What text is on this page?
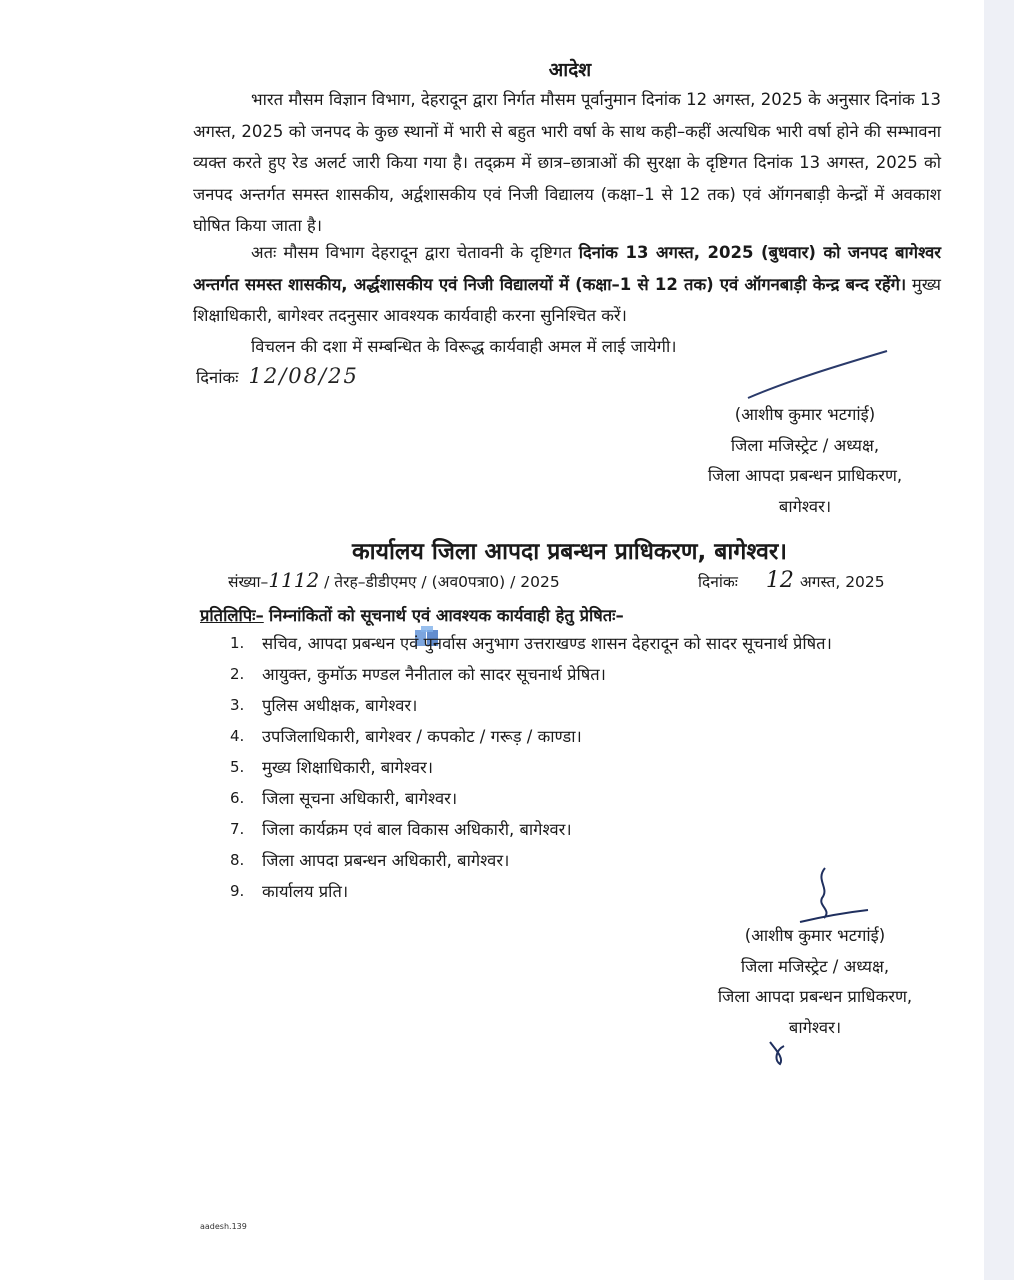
आदेश
भारत मौसम विज्ञान विभाग, देहरादून द्वारा निर्गत मौसम पूर्वानुमान दिनांक 12 अगस्त, 2025 के अनुसार दिनांक 13 अगस्त, 2025 को जनपद के कुछ स्थानों में भारी से बहुत भारी वर्षा के साथ कही–कहीं अत्यधिक भारी वर्षा होने की सम्भावना व्यक्त करते हुए रेड अलर्ट जारी किया गया है। तद्क्रम में छात्र–छात्राओं की सुरक्षा के दृष्टिगत दिनांक 13 अगस्त, 2025 को जनपद अन्तर्गत समस्त शासकीय, अर्द्वशासकीय एवं निजी विद्यालय (कक्षा–1 से 12 तक) एवं ऑगनबाड़ी केन्द्रों में अवकाश घोषित किया जाता है।
अतः मौसम विभाग देहरादून द्वारा चेतावनी के दृष्टिगत दिनांक 13 अगस्त, 2025 (बुधवार) को जनपद बागेश्वर अन्तर्गत समस्त शासकीय, अर्द्धशासकीय एवं निजी विद्यालयों में (कक्षा–1 से 12 तक) एवं ऑगनबाड़ी केन्द्र बन्द रहेंगे। मुख्य शिक्षाधिकारी, बागेश्वर तदनुसार आवश्यक कार्यवाही करना सुनिश्चित करें।
विचलन की दशा में सम्बन्धित के विरूद्ध कार्यवाही अमल में लाई जायेगी।
दिनांकः 12/08/25
(आशीष कुमार भटगांई)
जिला मजिस्ट्रेट / अध्यक्ष,
जिला आपदा प्रबन्धन प्राधिकरण,
बागेश्वर।
कार्यालय जिला आपदा प्रबन्धन प्राधिकरण, बागेश्वर।
संख्या–1112 / तेरह–डीडीएमए / (अव0पत्रा0) / 2025	दिनांकः 12 अगस्त, 2025
प्रतिलिपिः– निम्नांकितों को सूचनार्थ एवं आवश्यक कार्यवाही हेतु प्रेषितः–
1.	सचिव, आपदा प्रबन्धन एवं पुनर्वास अनुभाग उत्तराखण्ड शासन देहरादून को सादर सूचनार्थ प्रेषित।
2.	आयुक्त, कुमॉऊ मण्डल नैनीताल को सादर सूचनार्थ प्रेषित।
3.	पुलिस अधीक्षक, बागेश्वर।
4.	उपजिलाधिकारी, बागेश्वर / कपकोट / गरूड़ / काण्डा।
5.	मुख्य शिक्षाधिकारी, बागेश्वर।
6.	जिला सूचना अधिकारी, बागेश्वर।
7.	जिला कार्यक्रम एवं बाल विकास अधिकारी, बागेश्वर।
8.	जिला आपदा प्रबन्धन अधिकारी, बागेश्वर।
9.	कार्यालय प्रति।
(आशीष कुमार भटगांई)
जिला मजिस्ट्रेट / अध्यक्ष,
जिला आपदा प्रबन्धन प्राधिकरण,
बागेश्वर।
aadesh.139
